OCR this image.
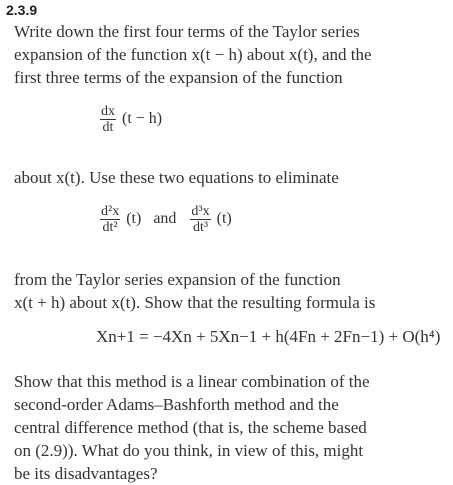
2.3.9
Write down the first four terms of the Taylor series
expansion of the function x(t − h) about x(t), and the
first three terms of the expansion of the function
$\frac{dx}{dt} (t - h)$
about x(t). Use these two equations to eliminate
$\frac{\text{d²x}}{\text{dt²}} (t)$ and $\frac{\text{d³x}}{\text{dt³}} (t)$
from the Taylor series expansion of the function
x(t + h) about x(t). Show that the resulting formula is
Xn+1 = −4Xn + 5Xn−1 + h(4Fn + 2Fn−1) + O(h⁴)
Show that this method is a linear combination of the
second-order Adams–Bashforth method and the
central difference method (that is, the scheme based
on (2.9)). What do you think, in view of this, might
be its disadvantages?
